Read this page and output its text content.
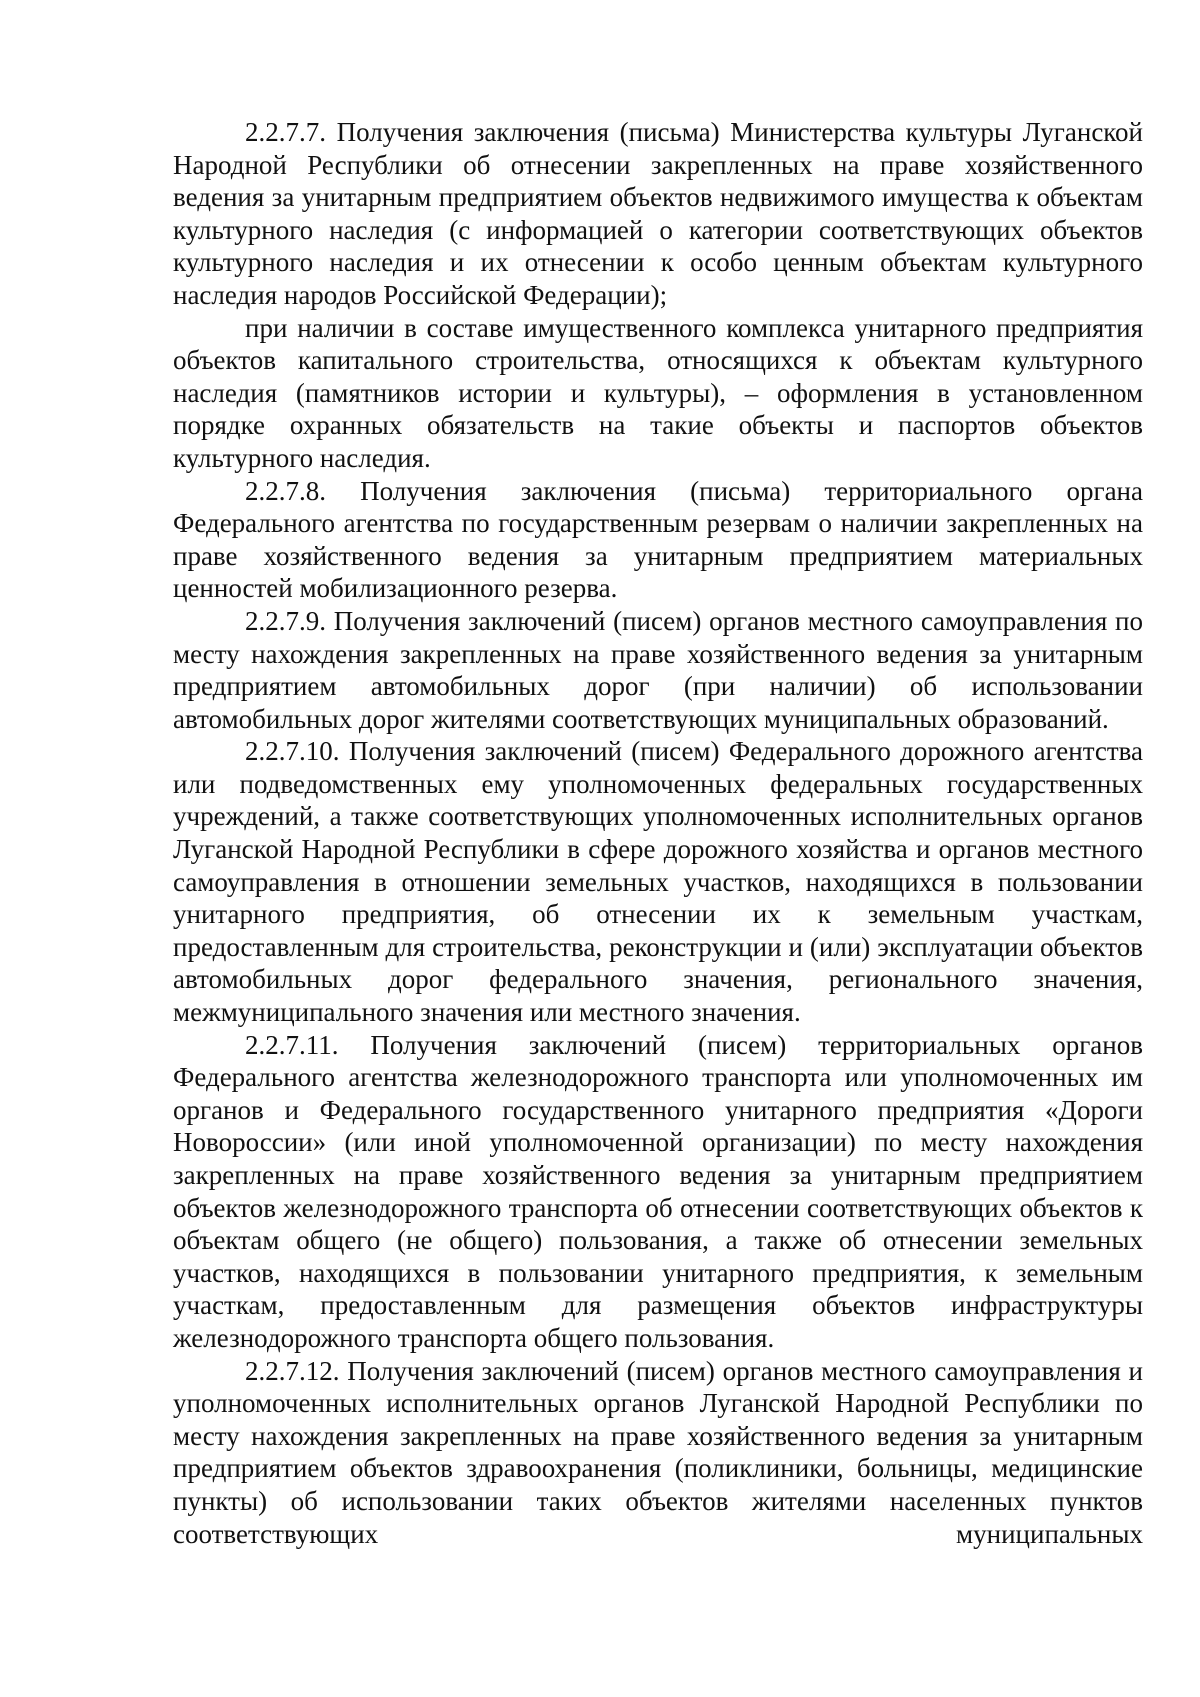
2.2.7.7. Получения заключения (письма) Министерства культуры Луганской Народной Республики об отнесении закрепленных на праве хозяйственного ведения за унитарным предприятием объектов недвижимого имущества к объектам культурного наследия (с информацией о категории соответствующих объектов культурного наследия и их отнесении к особо ценным объектам культурного наследия народов Российской Федерации);

при наличии в составе имущественного комплекса унитарного предприятия объектов капитального строительства, относящихся к объектам культурного наследия (памятников истории и культуры), – оформления в установленном порядке охранных обязательств на такие объекты и паспортов объектов культурного наследия.

2.2.7.8. Получения заключения (письма) территориального органа Федерального агентства по государственным резервам о наличии закрепленных на праве хозяйственного ведения за унитарным предприятием материальных ценностей мобилизационного резерва.

2.2.7.9. Получения заключений (писем) органов местного самоуправления по месту нахождения закрепленных на праве хозяйственного ведения за унитарным предприятием автомобильных дорог (при наличии) об использовании автомобильных дорог жителями соответствующих муниципальных образований.

2.2.7.10. Получения заключений (писем) Федерального дорожного агентства или подведомственных ему уполномоченных федеральных государственных учреждений, а также соответствующих уполномоченных исполнительных органов Луганской Народной Республики в сфере дорожного хозяйства и органов местного самоуправления в отношении земельных участков, находящихся в пользовании унитарного предприятия, об отнесении их к земельным участкам, предоставленным для строительства, реконструкции и (или) эксплуатации объектов автомобильных дорог федерального значения, регионального значения, межмуниципального значения или местного значения.

2.2.7.11. Получения заключений (писем) территориальных органов Федерального агентства железнодорожного транспорта или уполномоченных им органов и Федерального государственного унитарного предприятия «Дороги Новороссии» (или иной уполномоченной организации) по месту нахождения закрепленных на праве хозяйственного ведения за унитарным предприятием объектов железнодорожного транспорта об отнесении соответствующих объектов к объектам общего (не общего) пользования, а также об отнесении земельных участков, находящихся в пользовании унитарного предприятия, к земельным участкам, предоставленным для размещения объектов инфраструктуры железнодорожного транспорта общего пользования.

2.2.7.12. Получения заключений (писем) органов местного самоуправления и уполномоченных исполнительных органов Луганской Народной Республики по месту нахождения закрепленных на праве хозяйственного ведения за унитарным предприятием объектов здравоохранения (поликлиники, больницы, медицинские пункты) об использовании таких объектов жителями населенных пунктов соответствующих муниципальных
